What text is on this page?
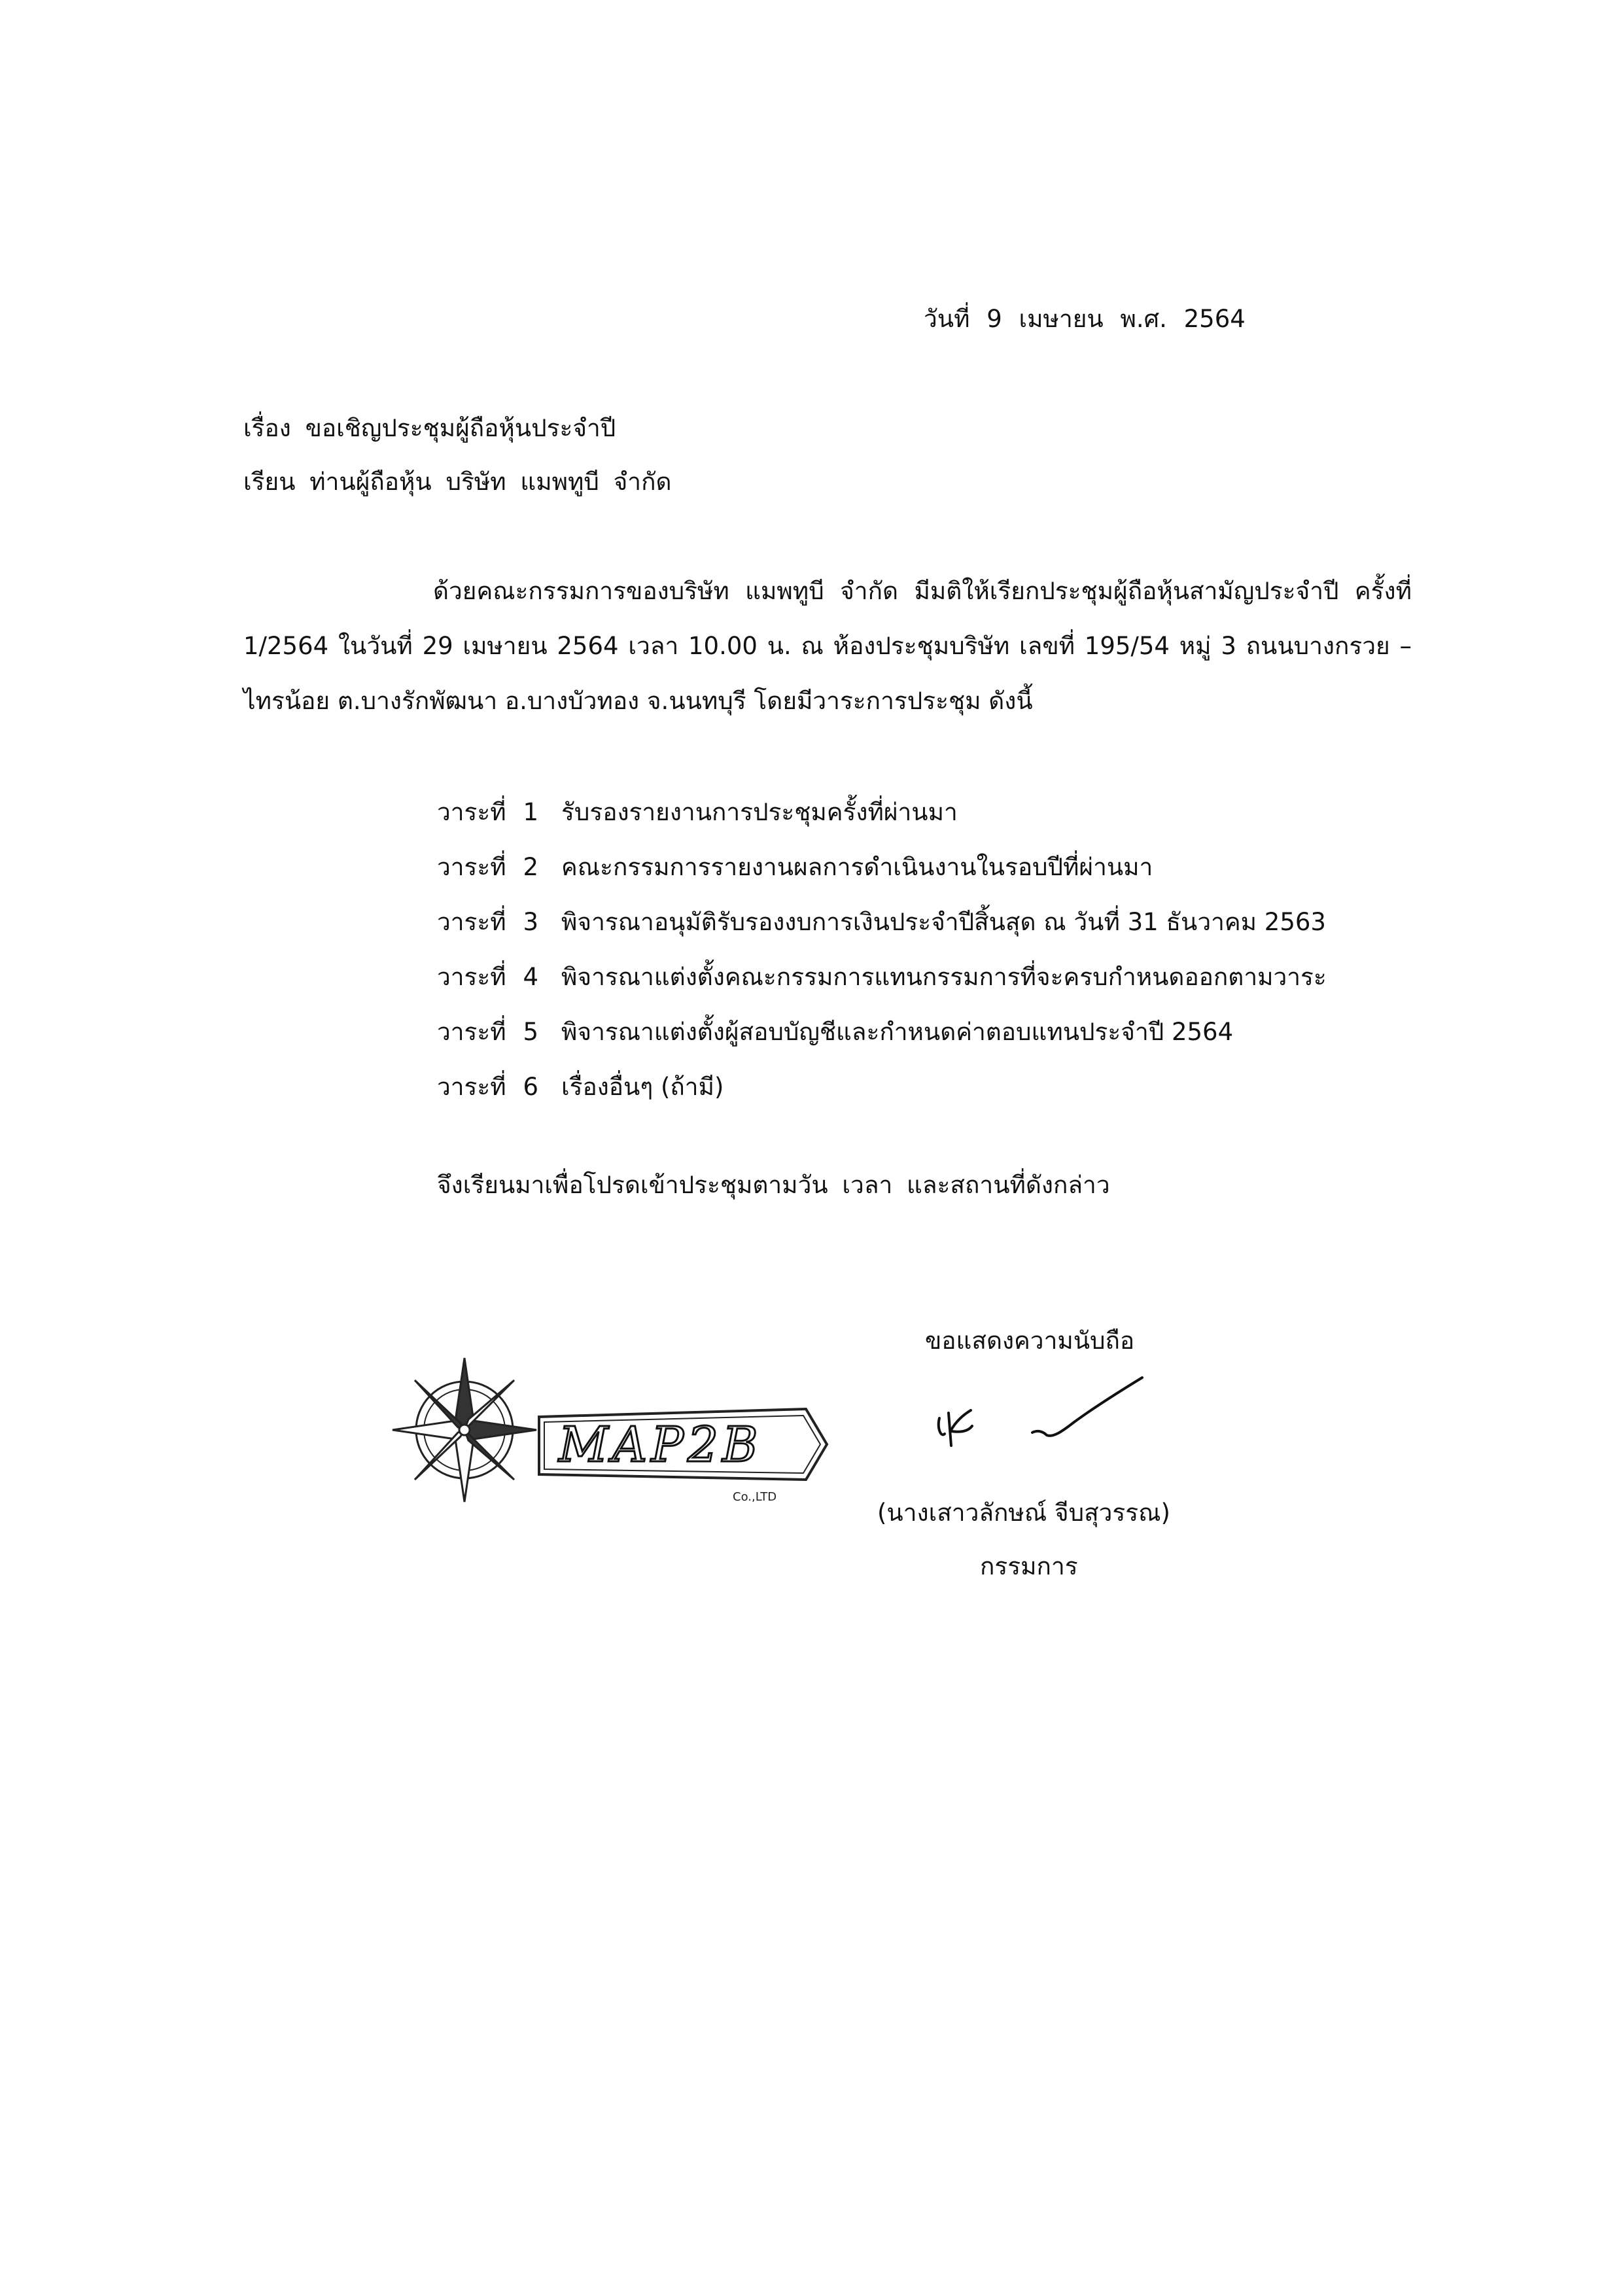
วันที่ 9 เมษายน พ.ศ. 2564
เรื่อง ขอเชิญประชุมผู้ถือหุ้นประจำปี
เรียน ท่านผู้ถือหุ้น บริษัท แมพทูบี จำกัด
ด้วยคณะกรรมการของบริษัท แมพทูบี จำกัด มีมติให้เรียกประชุมผู้ถือหุ้นสามัญประจำปี ครั้งที่ 1/2564 ในวันที่ 29 เมษายน 2564 เวลา 10.00 น. ณ ห้องประชุมบริษัท เลขที่ 195/54 หมู่ 3 ถนนบางกรวย – ไทรน้อย ต.บางรักพัฒนา อ.บางบัวทอง จ.นนทบุรี โดยมีวาระการประชุม ดังนี้
วาระที่ 1 รับรองรายงานการประชุมครั้งที่ผ่านมา
วาระที่ 2 คณะกรรมการรายงานผลการดำเนินงานในรอบปีที่ผ่านมา
วาระที่ 3 พิจารณาอนุมัติรับรองงบการเงินประจำปีสิ้นสุด ณ วันที่ 31 ธันวาคม 2563
วาระที่ 4 พิจารณาแต่งตั้งคณะกรรมการแทนกรรมการที่จะครบกำหนดออกตามวาระ
วาระที่ 5 พิจารณาแต่งตั้งผู้สอบบัญชีและกำหนดค่าตอบแทนประจำปี 2564
วาระที่ 6 เรื่องอื่นๆ (ถ้ามี)
จึงเรียนมาเพื่อโปรดเข้าประชุมตามวัน เวลา และสถานที่ดังกล่าว
ขอแสดงความนับถือ
MAP2B
Co.,LTD
(นางเสาวลักษณ์ จีบสุวรรณ)
กรรมการ
